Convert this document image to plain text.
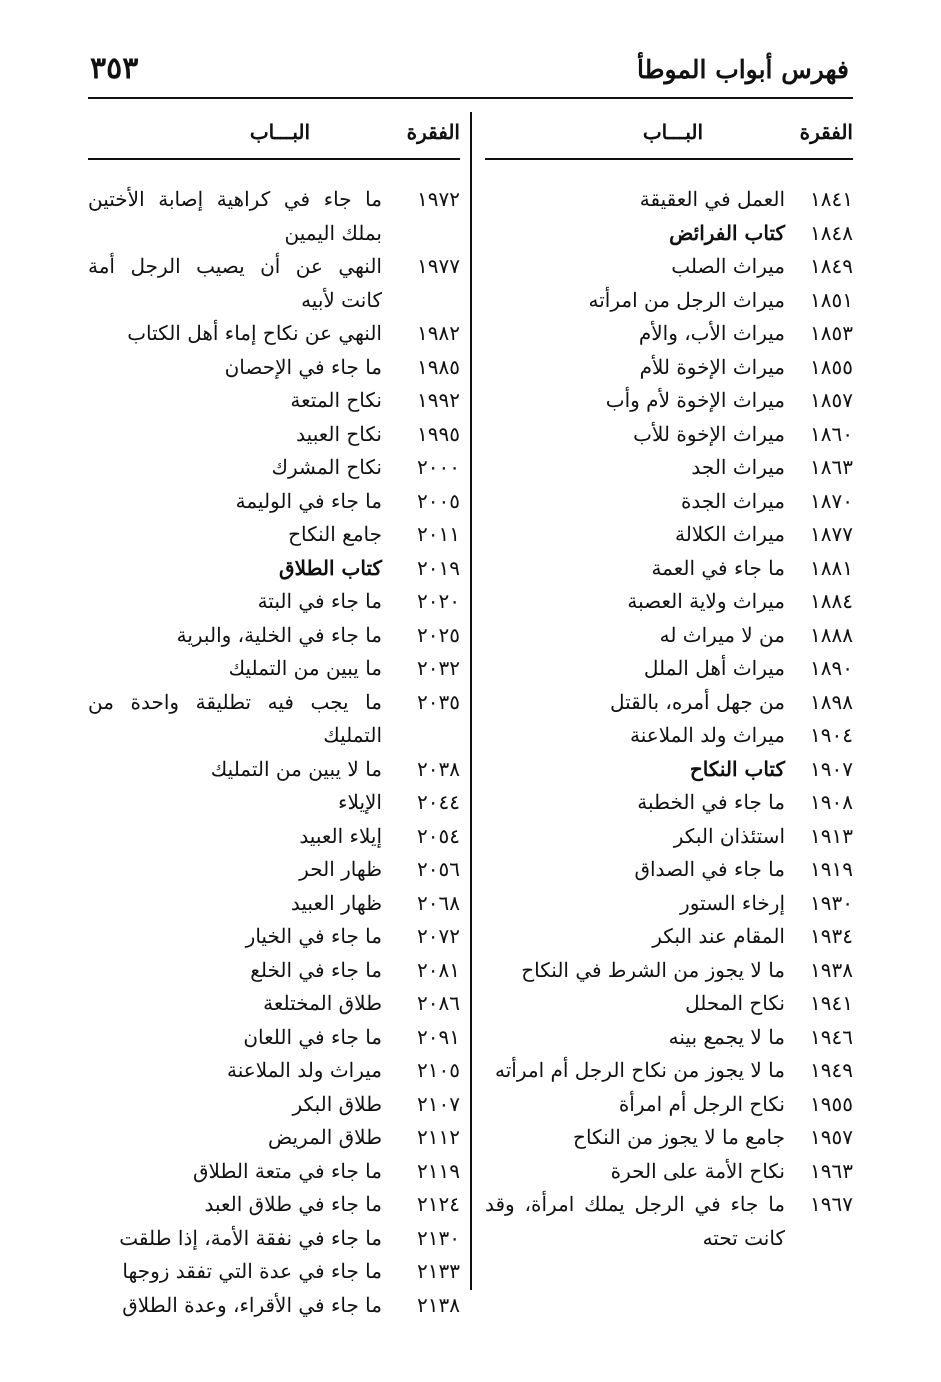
فهرس أبواب الموطأ
٣٥٣
الفقرة
البـــاب
١٨٤١
العمل في العقيقة
١٨٤٨
كتاب الفرائض
١٨٤٩
ميراث الصلب
١٨٥١
ميراث الرجل من امرأته
١٨٥٣
ميراث الأب، والأم
١٨٥٥
ميراث الإخوة للأم
١٨٥٧
ميراث الإخوة لأم وأب
١٨٦٠
ميراث الإخوة للأب
١٨٦٣
ميراث الجد
١٨٧٠
ميراث الجدة
١٨٧٧
ميراث الكلالة
١٨٨١
ما جاء في العمة
١٨٨٤
ميراث ولاية العصبة
١٨٨٨
من لا ميراث له
١٨٩٠
ميراث أهل الملل
١٨٩٨
من جهل أمره، بالقتل
١٩٠٤
ميراث ولد الملاعنة
١٩٠٧
كتاب النكاح
١٩٠٨
ما جاء في الخطبة
١٩١٣
استئذان البكر
١٩١٩
ما جاء في الصداق
١٩٣٠
إرخاء الستور
١٩٣٤
المقام عند البكر
١٩٣٨
ما لا يجوز من الشرط في النكاح
١٩٤١
نكاح المحلل
١٩٤٦
ما لا يجمع بينه
١٩٤٩
ما لا يجوز من نكاح الرجل أم امرأته
١٩٥٥
نكاح الرجل أم امرأة
١٩٥٧
جامع ما لا يجوز من النكاح
١٩٦٣
نكاح الأمة على الحرة
١٩٦٧
ما جاء في الرجل يملك امرأة، وقد كانت تحته
الفقرة
البـــاب
١٩٧٢
ما جاء في كراهية إصابة الأختين بملك اليمين
١٩٧٧
النهي عن أن يصيب الرجل أمة كانت لأبيه
١٩٨٢
النهي عن نكاح إماء أهل الكتاب
١٩٨٥
ما جاء في الإحصان
١٩٩٢
نكاح المتعة
١٩٩٥
نكاح العبيد
٢٠٠٠
نكاح المشرك
٢٠٠٥
ما جاء في الوليمة
٢٠١١
جامع النكاح
٢٠١٩
كتاب الطلاق
٢٠٢٠
ما جاء في البتة
٢٠٢٥
ما جاء في الخلية، والبرية
٢٠٣٢
ما يبين من التمليك
٢٠٣٥
ما يجب فيه تطليقة واحدة من التمليك
٢٠٣٨
ما لا يبين من التمليك
٢٠٤٤
الإيلاء
٢٠٥٤
إيلاء العبيد
٢٠٥٦
ظهار الحر
٢٠٦٨
ظهار العبيد
٢٠٧٢
ما جاء في الخيار
٢٠٨١
ما جاء في الخلع
٢٠٨٦
طلاق المختلعة
٢٠٩١
ما جاء في اللعان
٢١٠٥
ميراث ولد الملاعنة
٢١٠٧
طلاق البكر
٢١١٢
طلاق المريض
٢١١٩
ما جاء في متعة الطلاق
٢١٢٤
ما جاء في طلاق العبد
٢١٣٠
ما جاء في نفقة الأمة، إذا طلقت
٢١٣٣
ما جاء في عدة التي تفقد زوجها
٢١٣٨
ما جاء في الأقراء، وعدة الطلاق
